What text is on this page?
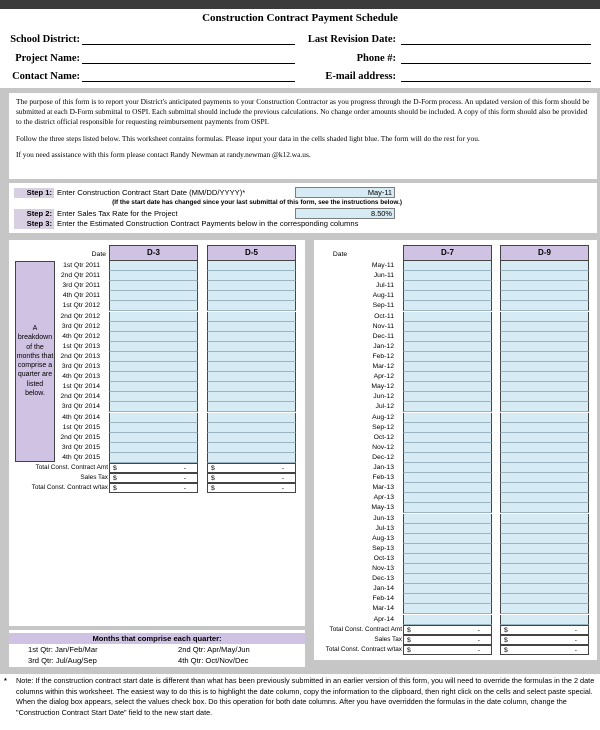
Construction Contract Payment Schedule
School District:
Project Name:
Contact Name:
Last Revision Date:
Phone #:
E-mail address:

The purpose of this form is to report your District's anticipated payments to your Construction Contractor as you progress through the D-Form process. An updated version of this form should be submitted at each D-Form submittal to OSPI. Each submittal should include the previous calculations. No change order amounts should be included. A copy of this form should also be provided to the district official responsible for requesting reimbursement payments from OSPI.

Follow the three steps listed below. This worksheet contains formulas. Please input your data in the cells shaded light blue. The form will do the rest for you.

If you need assistance with this form please contact Randy Newman at randy.newman @k12.wa.us.

Step 1: Enter Construction Contract Start Date (MM/DD/YYYY)*	May-11
(If the start date has changed since your last submittal of this form, see the instructions below.)
Step 2: Enter Sales Tax Rate for the Project	8.50%
Step 3: Enter the Estimated Construction Contract Payments below in the corresponding columns
Date	D-3	D-5
A breakdown of the months that comprise a quarter are listed below.
1st Qtr 2011
2nd Qtr 2011
3rd Qtr 2011
4th Qtr 2011
1st Qtr 2012
2nd Qtr 2012
3rd Qtr 2012
4th Qtr 2012
1st Qtr 2013
2nd Qtr 2013
3rd Qtr 2013
4th Qtr 2013
1st Qtr 2014
2nd Qtr 2014
3rd Qtr 2014
4th Qtr 2014
1st Qtr 2015
2nd Qtr 2015
3rd Qtr 2015
4th Qtr 2015
Total Const. Contract Amt $	-	$	-
Sales Tax $	-	$	-
Total Const. Contract w/tax $	-	$	-
Date	D-7	D-9
May-11
Jun-11
Jul-11
Aug-11
Sep-11
Oct-11
Nov-11
Dec-11
Jan-12
Feb-12
Mar-12
Apr-12
May-12
Jun-12
Jul-12
Aug-12
Sep-12
Oct-12
Nov-12
Dec-12
Jan-13
Feb-13
Mar-13
Apr-13
May-13
Jun-13
Jul-13
Aug-13
Sep-13
Oct-13
Nov-13
Dec-13
Jan-14
Feb-14
Mar-14
Apr-14
Total Const. Contract Amt $	-	$	-
Sales Tax $	-	$	-
Total Const. Contract w/tax $	-	$	-
Months that comprise each quarter:
1st Qtr: Jan/Feb/Mar	2nd Qtr: Apr/May/Jun
3rd Qtr: Jul/Aug/Sep	4th Qtr: Oct/Nov/Dec
*	Note: If the construction contract start date is different than what has been previously submitted in an earlier version of this form, you will need to override the formulas in the 2 date columns within this worksheet. The easiest way to do this is to highlight the date column, copy the information to the clipboard, then right click on the cells and select paste special. When the dialog box appears, select the values check box. Do this operation for both date columns. After you have overridden the formulas in the date column, change the "Construction Contract Start Date" field to the new start date.
